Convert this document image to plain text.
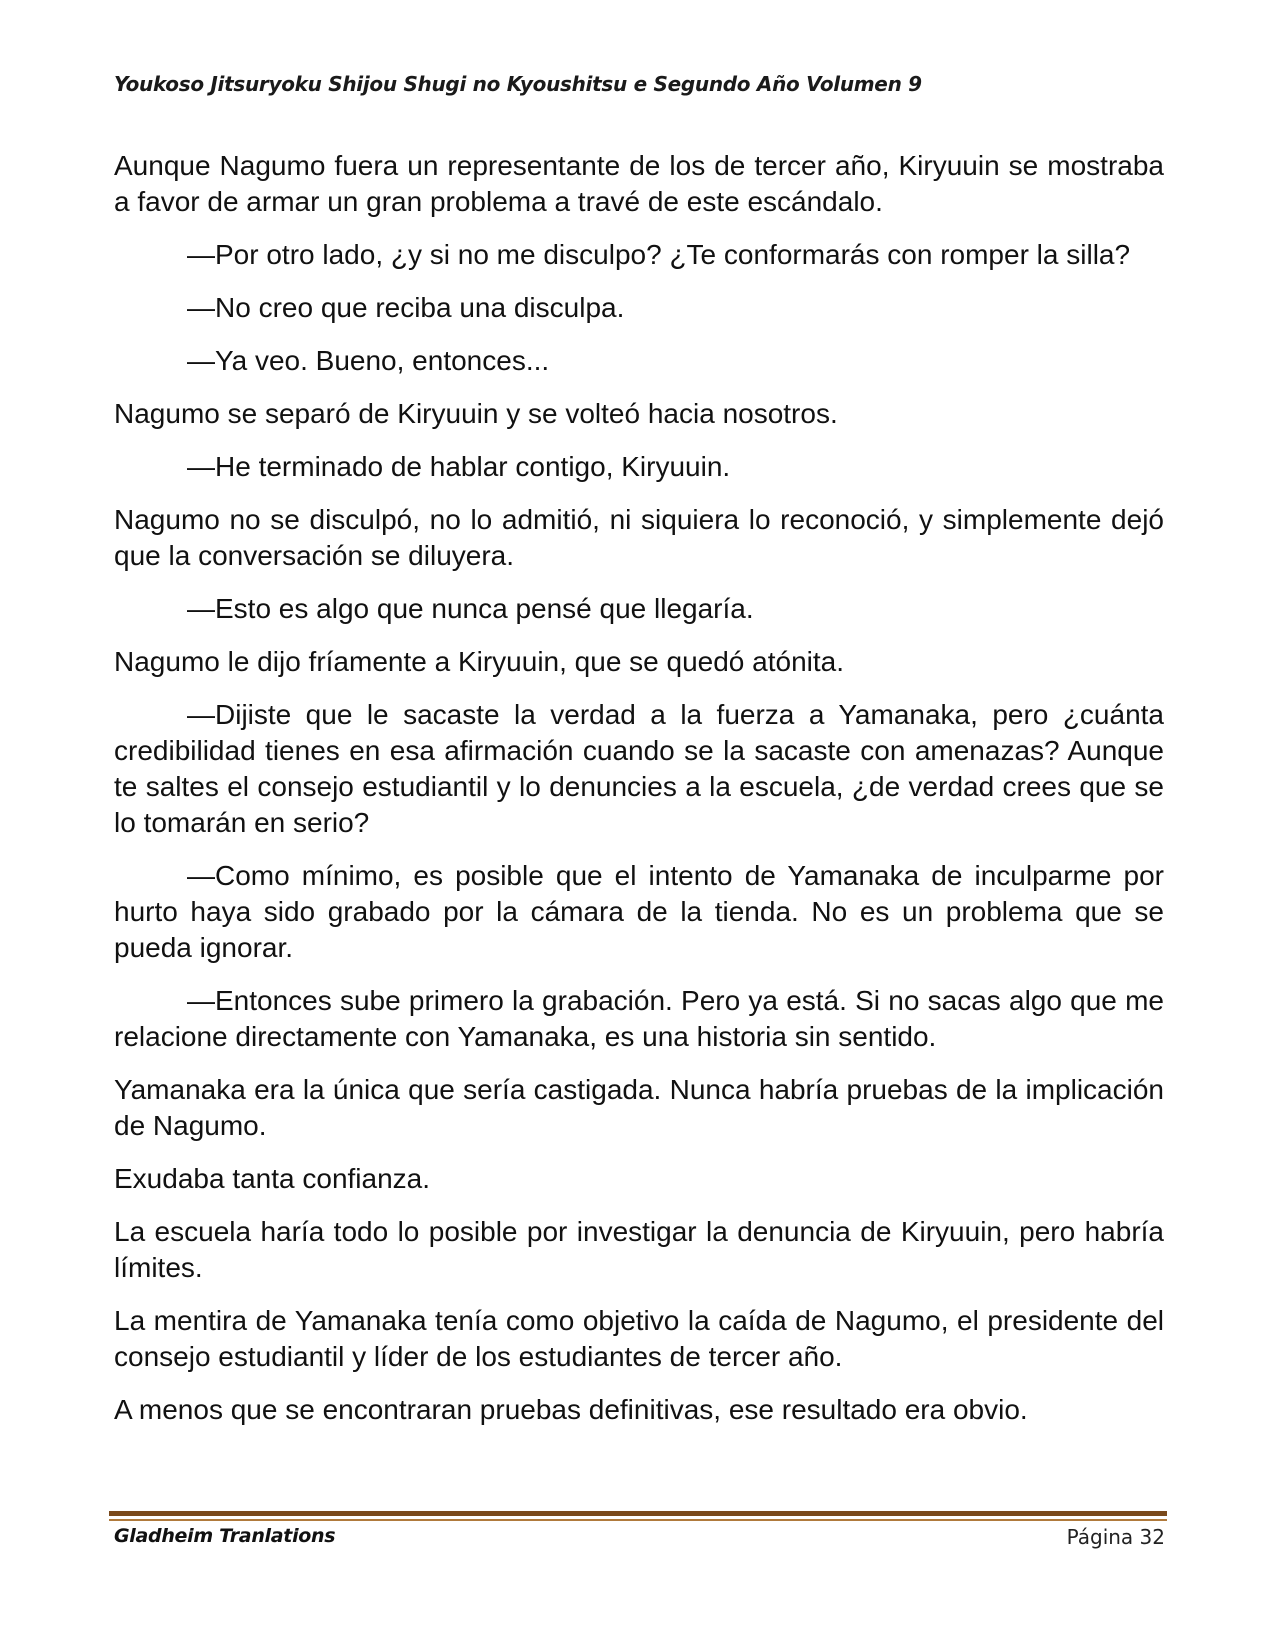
Youkoso Jitsuryoku Shijou Shugi no Kyoushitsu e Segundo Año Volumen 9

Aunque Nagumo fuera un representante de los de tercer año, Kiryuuin se mostraba a favor de armar un gran problema a travé de este escándalo.

—Por otro lado, ¿y si no me disculpo? ¿Te conformarás con romper la silla?

—No creo que reciba una disculpa.

—Ya veo. Bueno, entonces...

Nagumo se separó de Kiryuuin y se volteó hacia nosotros.

—He terminado de hablar contigo, Kiryuuin.

Nagumo no se disculpó, no lo admitió, ni siquiera lo reconoció, y simplemente dejó que la conversación se diluyera.

—Esto es algo que nunca pensé que llegaría.

Nagumo le dijo fríamente a Kiryuuin, que se quedó atónita.

—Dijiste que le sacaste la verdad a la fuerza a Yamanaka, pero ¿cuánta credibilidad tienes en esa afirmación cuando se la sacaste con amenazas? Aunque te saltes el consejo estudiantil y lo denuncies a la escuela, ¿de verdad crees que se lo tomarán en serio?

—Como mínimo, es posible que el intento de Yamanaka de inculparme por hurto haya sido grabado por la cámara de la tienda. No es un problema que se pueda ignorar.

—Entonces sube primero la grabación. Pero ya está. Si no sacas algo que me relacione directamente con Yamanaka, es una historia sin sentido.

Yamanaka era la única que sería castigada. Nunca habría pruebas de la implicación de Nagumo.

Exudaba tanta confianza.

La escuela haría todo lo posible por investigar la denuncia de Kiryuuin, pero habría límites.

La mentira de Yamanaka tenía como objetivo la caída de Nagumo, el presidente del consejo estudiantil y líder de los estudiantes de tercer año.

A menos que se encontraran pruebas definitivas, ese resultado era obvio.

Gladheim Tranlations	Página 32
